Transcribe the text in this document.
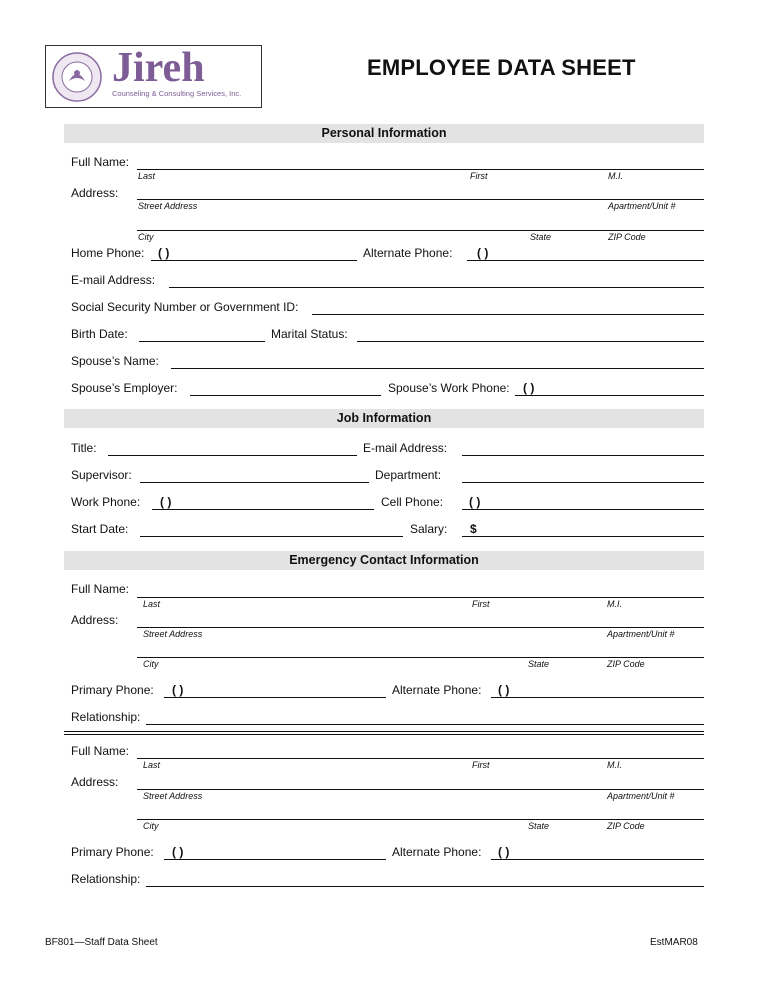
Jireh
Counseling & Consulting Services, Inc.
EMPLOYEE DATA SHEET
Personal Information
Full Name:
Last	First	M.I.
Address:
Street Address	Apartment/Unit #
City	State	ZIP Code
Home Phone: ( )	Alternate Phone: ( )
E-mail Address:
Social Security Number or Government ID:
Birth Date:	Marital Status:
Spouse’s Name:
Spouse’s Employer:	Spouse’s Work Phone: ( )
Job Information
Title:	E-mail Address:
Supervisor:	Department:
Work Phone: ( )	Cell Phone: ( )
Start Date:	Salary: $
Emergency Contact Information
Full Name:
Last	First	M.I.
Address:
Street Address	Apartment/Unit #
City	State	ZIP Code
Primary Phone: ( )	Alternate Phone: ( )
Relationship:
Full Name:
Last	First	M.I.
Address:
Street Address	Apartment/Unit #
City	State	ZIP Code
Primary Phone: ( )	Alternate Phone: ( )
Relationship:
BF801—Staff Data Sheet	EstMAR08
